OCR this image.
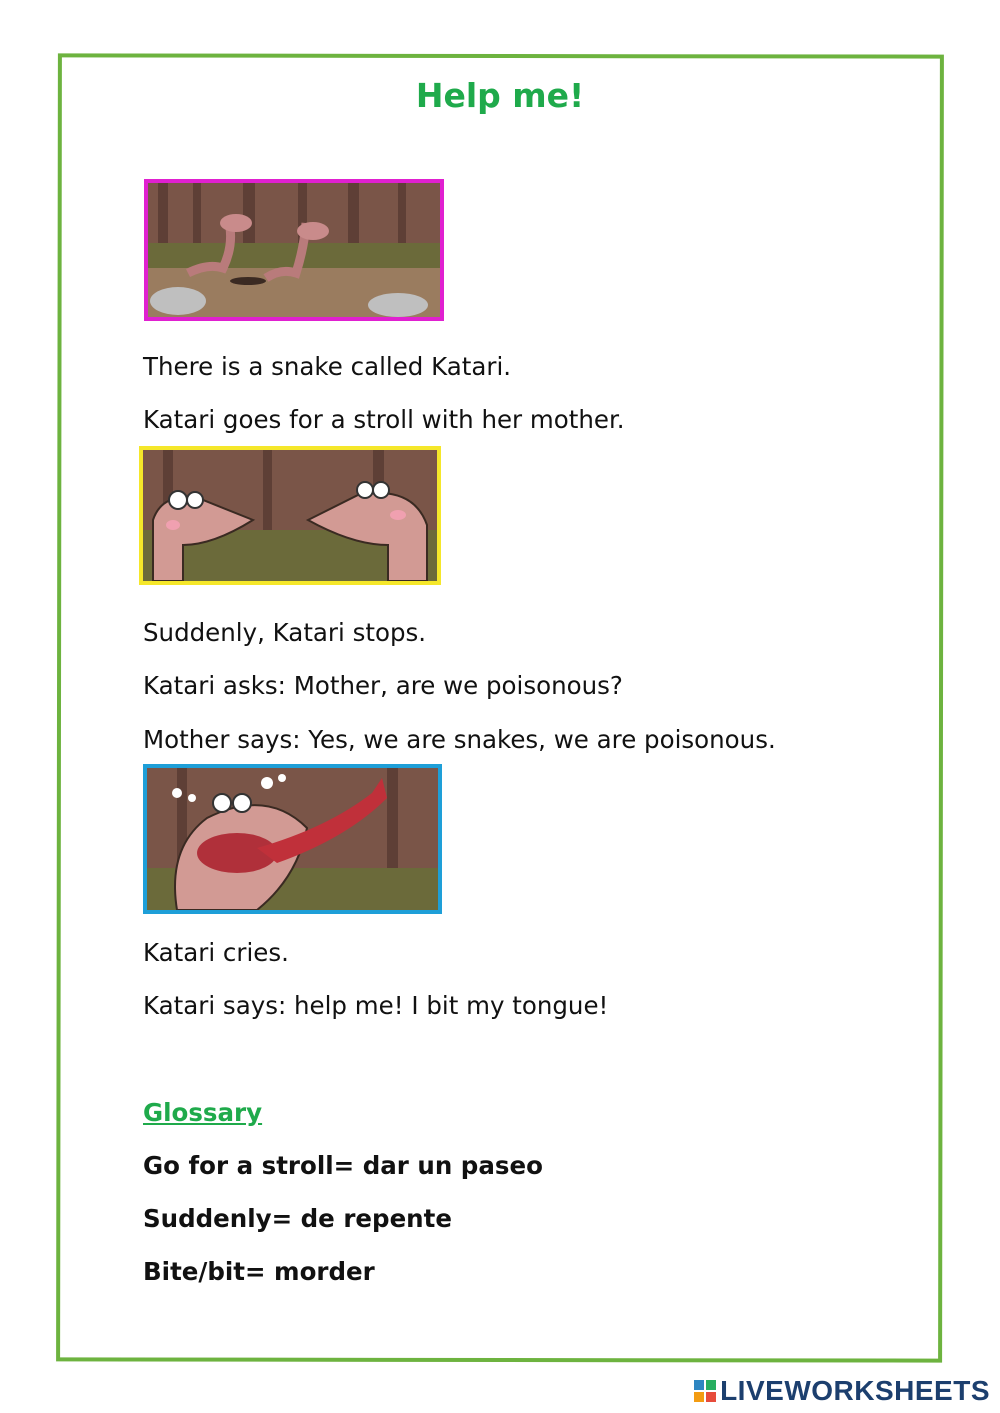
Help me!

There is a snake called Katari.

Katari goes for a stroll with her mother.

Suddenly, Katari stops.

Katari asks: Mother, are we poisonous?

Mother says: Yes, we are snakes, we are poisonous.

Katari cries.

Katari says: help me! I bit my tongue!

Glossary

Go for a stroll= dar un paseo

Suddenly= de repente

Bite/bit= morder

LIVEWORKSHEETS
